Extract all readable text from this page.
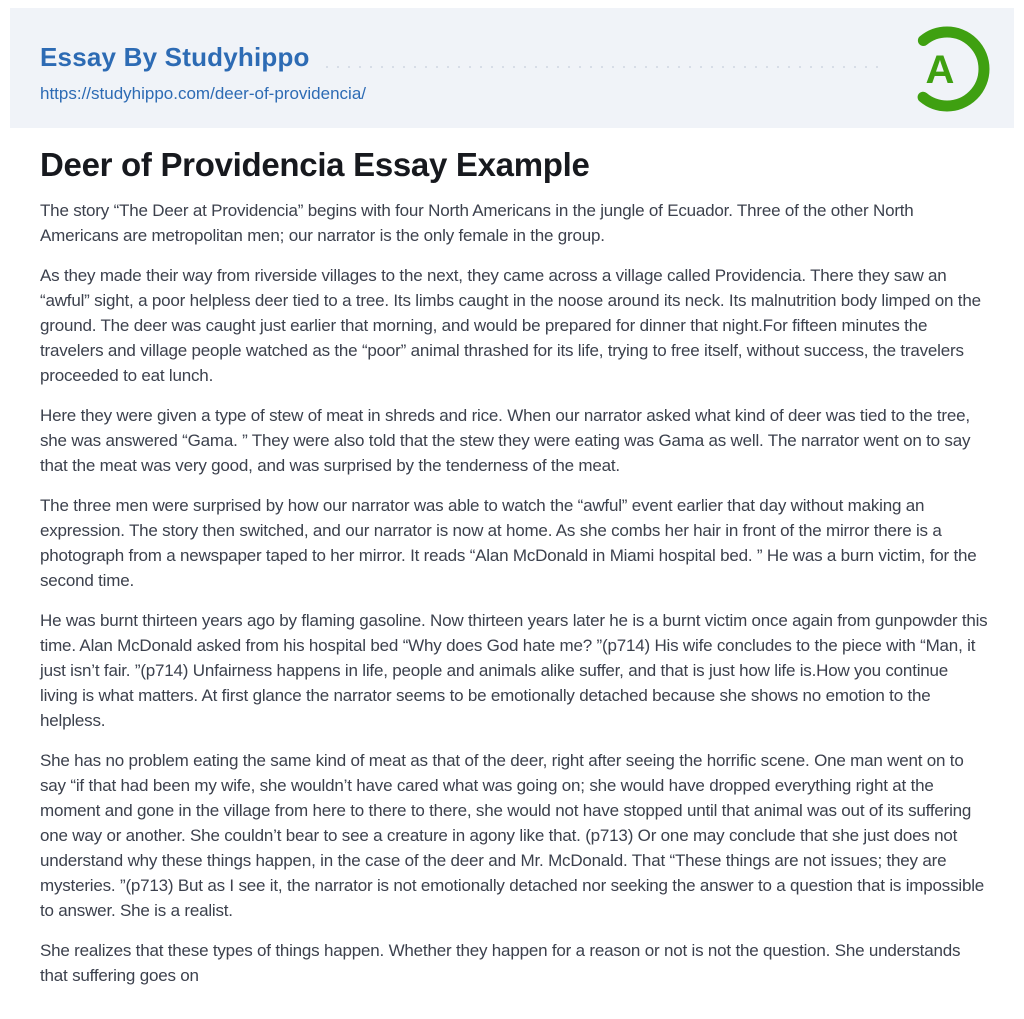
Essay By Studyhippo
https://studyhippo.com/deer-of-providencia/
A
Deer of Providencia Essay Example

The story “The Deer at Providencia” begins with four North Americans in the jungle of Ecuador. Three of the other North Americans are metropolitan men; our narrator is the only female in the group.

As they made their way from riverside villages to the next, they came across a village called Providencia. There they saw an “awful” sight, a poor helpless deer tied to a tree. Its limbs caught in the noose around its neck. Its malnutrition body limped on the ground. The deer was caught just earlier that morning, and would be prepared for dinner that night.For fifteen minutes the travelers and village people watched as the “poor” animal thrashed for its life, trying to free itself, without success, the travelers proceeded to eat lunch.

Here they were given a type of stew of meat in shreds and rice. When our narrator asked what kind of deer was tied to the tree, she was answered “Gama. ” They were also told that the stew they were eating was Gama as well. The narrator went on to say that the meat was very good, and was surprised by the tenderness of the meat.

The three men were surprised by how our narrator was able to watch the “awful” event earlier that day without making an expression. The story then switched, and our narrator is now at home. As she combs her hair in front of the mirror there is a photograph from a newspaper taped to her mirror. It reads “Alan McDonald in Miami hospital bed. ” He was a burn victim, for the second time.

He was burnt thirteen years ago by flaming gasoline. Now thirteen years later he is a burnt victim once again from gunpowder this time. Alan McDonald asked from his hospital bed “Why does God hate me? ”(p714) His wife concludes to the piece with “Man, it just isn’t fair. ”(p714) Unfairness happens in life, people and animals alike suffer, and that is just how life is.How you continue living is what matters. At first glance the narrator seems to be emotionally detached because she shows no emotion to the helpless.

She has no problem eating the same kind of meat as that of the deer, right after seeing the horrific scene. One man went on to say “if that had been my wife, she wouldn’t have cared what was going on; she would have dropped everything right at the moment and gone in the village from here to there to there, she would not have stopped until that animal was out of its suffering one way or another. She couldn’t bear to see a creature in agony like that. (p713) Or one may conclude that she just does not understand why these things happen, in the case of the deer and Mr. McDonald. That “These things are not issues; they are mysteries. ”(p713) But as I see it, the narrator is not emotionally detached nor seeking the answer to a question that is impossible to answer. She is a realist.

She realizes that these types of things happen. Whether they happen for a reason or not is not the question. She understands that suffering goes on
